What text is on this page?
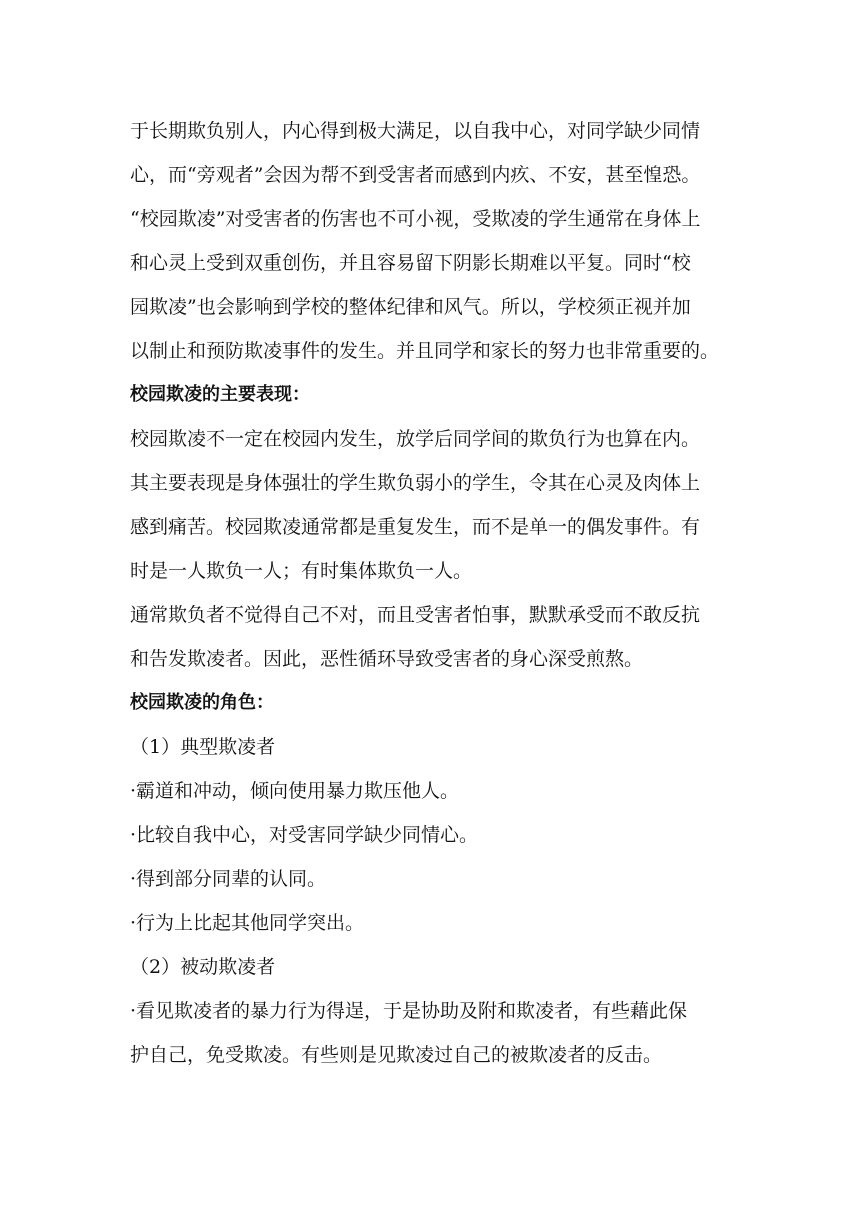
于长期欺负别人，内心得到极大满足，以自我中心，对同学缺少同情
心，而“旁观者”会因为帮不到受害者而感到内疚、不安，甚至惶恐。
“校园欺凌”对受害者的伤害也不可小视，受欺凌的学生通常在身体上
和心灵上受到双重创伤，并且容易留下阴影长期难以平复。同时“校
园欺凌”也会影响到学校的整体纪律和风气。所以，学校须正视并加
以制止和预防欺凌事件的发生。并且同学和家长的努力也非常重要的。
校园欺凌的主要表现：
校园欺凌不一定在校园内发生，放学后同学间的欺负行为也算在内。
其主要表现是身体强壮的学生欺负弱小的学生，令其在心灵及肉体上
感到痛苦。校园欺凌通常都是重复发生，而不是单一的偶发事件。有
时是一人欺负一人；有时集体欺负一人。
通常欺负者不觉得自己不对，而且受害者怕事，默默承受而不敢反抗
和告发欺凌者。因此，恶性循环导致受害者的身心深受煎熬。
校园欺凌的角色：
（1）典型欺凌者
·霸道和冲动，倾向使用暴力欺压他人。
·比较自我中心，对受害同学缺少同情心。
·得到部分同辈的认同。
·行为上比起其他同学突出。
（2）被动欺凌者
·看见欺凌者的暴力行为得逞，于是协助及附和欺凌者，有些藉此保
护自己，免受欺凌。有些则是见欺凌过自己的被欺凌者的反击。
